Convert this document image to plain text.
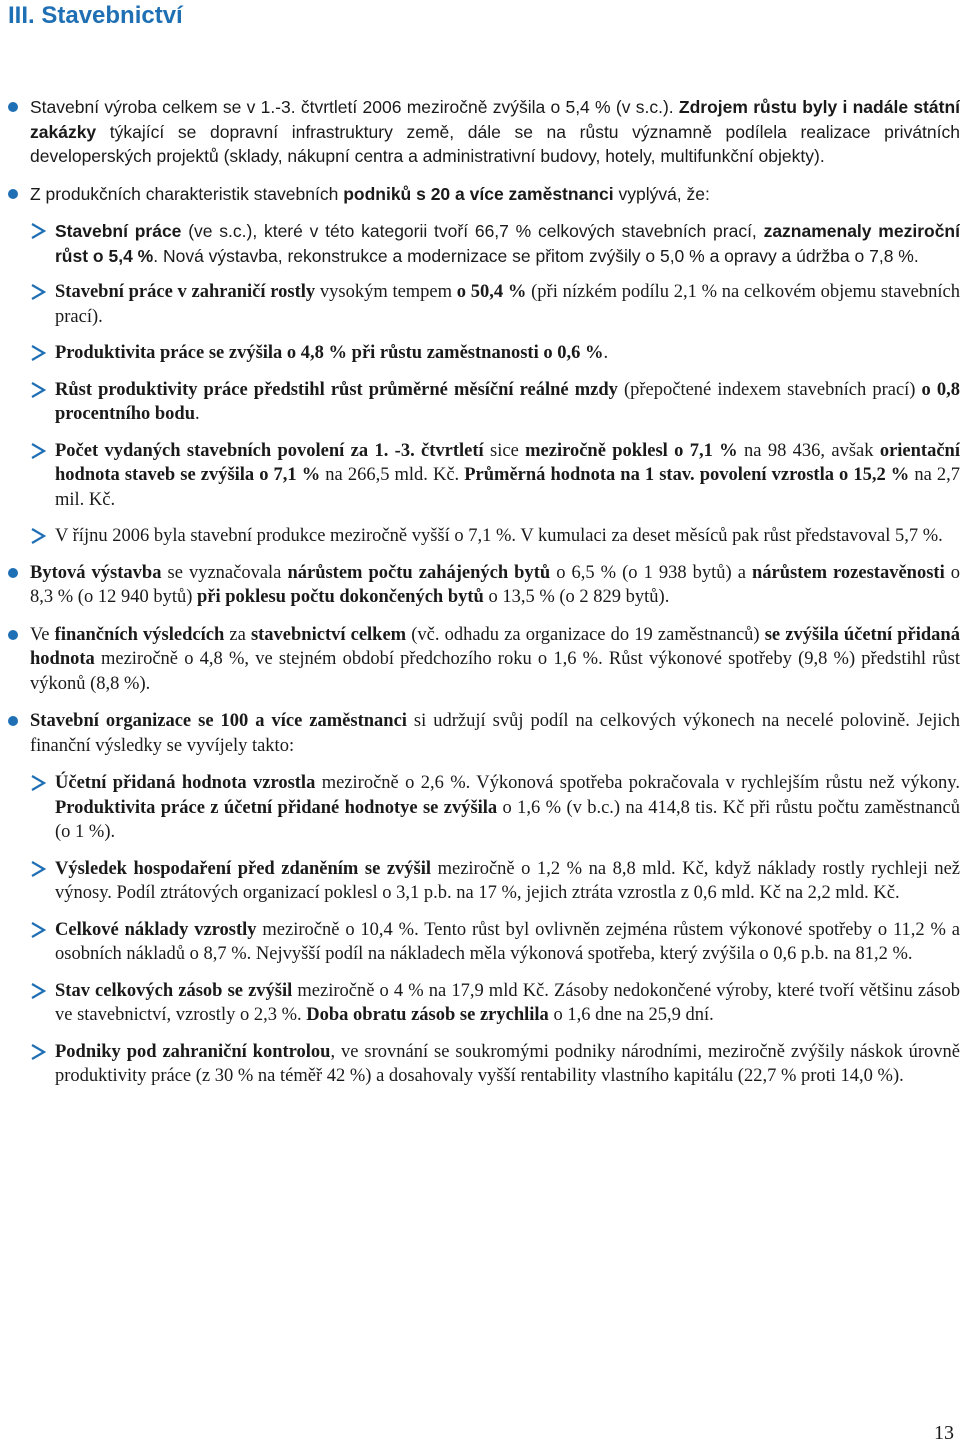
III. Stavebnictví
Stavební výroba celkem se v 1.-3. čtvrtletí 2006 meziročně zvýšila o 5,4 % (v s.c.). Zdrojem růstu byly i nadále státní zakázky týkající se dopravní infrastruktury země, dále se na růstu významně podílela realizace privátních developerských projektů (sklady, nákupní centra a administrativní budovy, hotely, multifunkční objekty).
Z produkčních charakteristik stavebních podniků s 20 a více zaměstnanci vyplývá, že:
Stavební práce (ve s.c.), které v této kategorii tvoří 66,7 % celkových stavebních prací, zaznamenaly meziroční růst o 5,4 %. Nová výstavba, rekonstrukce a modernizace se přitom zvýšily o 5,0 % a opravy a údržba o 7,8 %.
Stavební práce v zahraničí rostly vysokým tempem o 50,4 % (při nízkém podílu 2,1 % na celkovém objemu stavebních prací).
Produktivita práce se zvýšila o 4,8 % při růstu zaměstnanosti o 0,6 %.
Růst produktivity práce předstihl růst průměrné měsíční reálné mzdy (přepočtené indexem stavebních prací) o 0,8 procentního bodu.
Počet vydaných stavebních povolení za 1. -3. čtvrtletí sice meziročně poklesl o 7,1 % na 98 436, avšak orientační hodnota staveb se zvýšila o 7,1 % na 266,5 mld. Kč. Průměrná hodnota na 1 stav. povolení vzrostla o 15,2 % na 2,7 mil. Kč.
V říjnu 2006 byla stavební produkce meziročně vyšší o 7,1 %. V kumulaci za deset měsíců pak růst představoval 5,7 %.
Bytová výstavba se vyznačovala nárůstem počtu zahájených bytů o 6,5 % (o 1 938 bytů) a nárůstem rozestavěnosti o 8,3 % (o 12 940 bytů) při poklesu počtu dokončených bytů o 13,5 % (o 2 829 bytů).
Ve finančních výsledcích za stavebnictví celkem (vč. odhadu za organizace do 19 zaměstnanců) se zvýšila účetní přidaná hodnota meziročně o 4,8 %, ve stejném období předchozího roku o 1,6 %. Růst výkonové spotřeby (9,8 %) předstihl růst výkonů (8,8 %).
Stavební organizace se 100 a více zaměstnanci si udržují svůj podíl na celkových výkonech na necelé polovině. Jejich finanční výsledky se vyvíjely takto:
Účetní přidaná hodnota vzrostla meziročně o 2,6 %. Výkonová spotřeba pokračovala v rychlejším růstu než výkony. Produktivita práce z účetní přidané hodnotye se zvýšila o 1,6 % (v b.c.) na 414,8 tis. Kč při růstu počtu zaměstnanců (o 1 %).
Výsledek hospodaření před zdaněním se zvýšil meziročně o 1,2 % na 8,8 mld. Kč, když náklady rostly rychleji než výnosy. Podíl ztrátových organizací poklesl o 3,1 p.b. na 17 %, jejich ztráta vzrostla z 0,6 mld. Kč na 2,2 mld. Kč.
Celkové náklady vzrostly meziročně o 10,4 %. Tento růst byl ovlivněn zejména růstem výkonové spotřeby o 11,2 % a osobních nákladů o 8,7 %. Nejvyšší podíl na nákladech měla výkonová spotřeba, který zvýšila o 0,6 p.b. na 81,2 %.
Stav celkových zásob se zvýšil meziročně o 4 % na 17,9 mld Kč. Zásoby nedokončené výroby, které tvoří většinu zásob ve stavebnictví, vzrostly o 2,3 %. Doba obratu zásob se zrychlila o 1,6 dne na 25,9 dní.
Podniky pod zahraniční kontrolou, ve srovnání se soukromými podniky národními, meziročně zvýšily náskok úrovně produktivity práce (z 30 % na téměř 42 %) a dosahovaly vyšší rentability vlastního kapitálu (22,7 % proti 14,0 %).
13
